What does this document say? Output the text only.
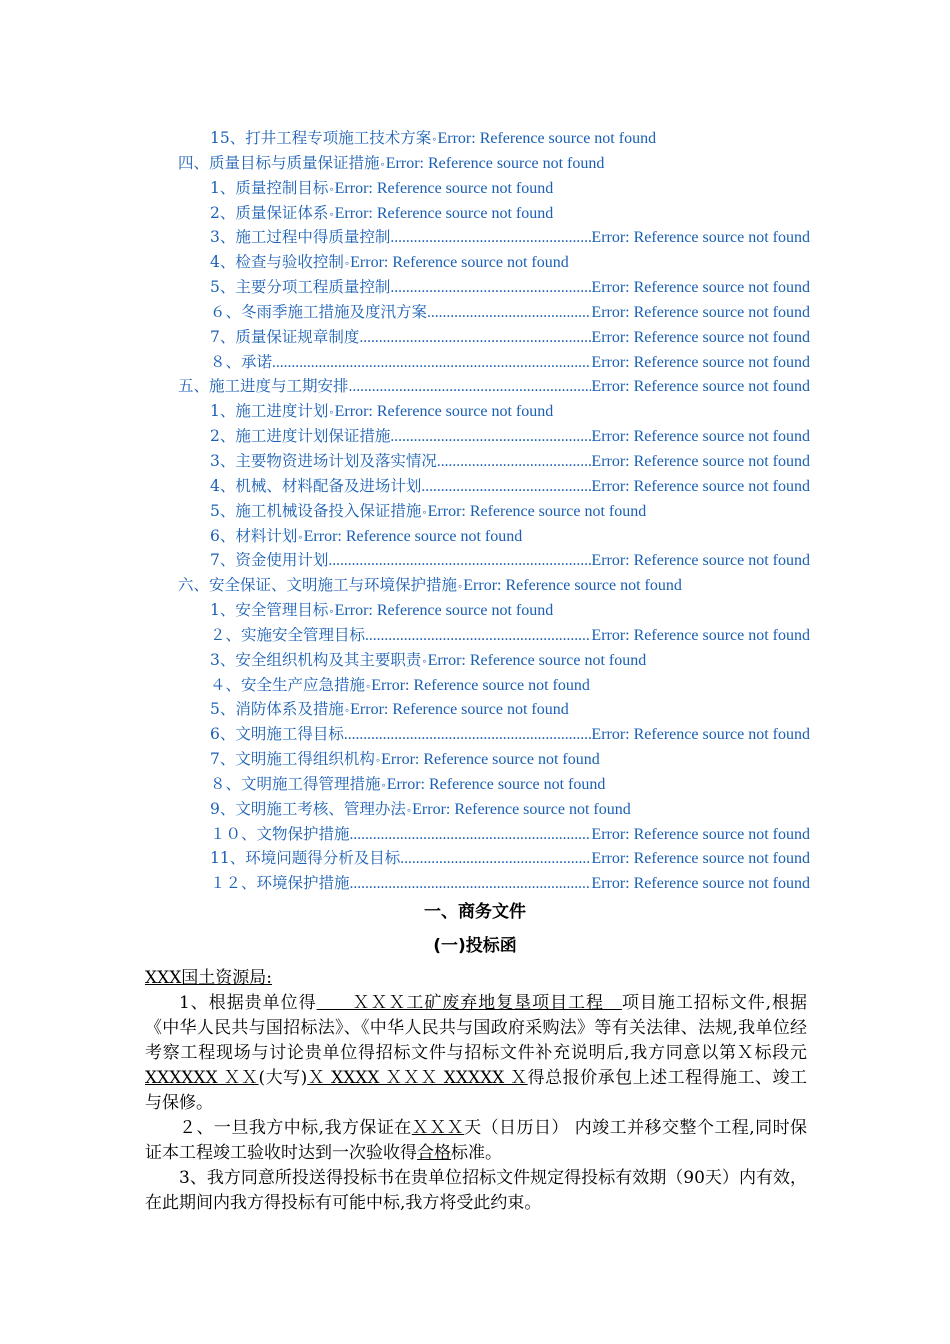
15、打井工程专项施工技术方案 ◦ Error: Reference source not found
四、质量目标与质量保证措施 ◦ Error: Reference source not found
1、质量控制目标 ◦ Error: Reference source not found
2、质量保证体系 ◦ Error: Reference source not found
3、施工过程中得质量控制 .....	Error: Reference source not found
4、检查与验收控制 ◦ Error: Reference source not found
5、主要分项工程质量控制 .....	Error: Reference source not found
６、冬雨季施工措施及度汛方案 .....	Error: Reference source not found
7、质量保证规章制度 .....	Error: Reference source not found
８、承诺 .....	Error: Reference source not found
五、施工进度与工期安排 .....	Error: Reference source not found
1、施工进度计划 ◦ Error: Reference source not found
2、施工进度计划保证措施 .....	Error: Reference source not found
3、主要物资进场计划及落实情况 .....	Error: Reference source not found
4、机械、材料配备及进场计划 .....	Error: Reference source not found
5、施工机械设备投入保证措施 ◦ Error: Reference source not found
6、材料计划 ◦ Error: Reference source not found
7、资金使用计划 .....	Error: Reference source not found
六、安全保证、文明施工与环境保护措施 ◦ Error: Reference source not found
1、安全管理目标 ◦ Error: Reference source not found
２、实施安全管理目标 .....	Error: Reference source not found
3、安全组织机构及其主要职责 ◦ Error: Reference source not found
４、安全生产应急措施 ◦ Error: Reference source not found
5、消防体系及措施 ◦ Error: Reference source not found
6、文明施工得目标 .....	Error: Reference source not found
7、文明施工得组织机构 ◦ Error: Reference source not found
８、文明施工得管理措施 ◦ Error: Reference source not found
9、文明施工考核、管理办法 ◦ Error: Reference source not found
１０、文物保护措施 .....	Error: Reference source not found
11、环境问题得分析及目标 .....	Error: Reference source not found
１２、环境保护措施 .....	Error: Reference source not found
一、商务文件
(一)投标函

XXX国土资源局:

1、根据贵单位得　　ＸＸＸ工矿废弃地复垦项目工程　项目施工招标文件,根据《中华人民共与国招标法》、《中华人民共与国政府采购法》等有关法律、法规,我单位经考察工程现场与讨论贵单位得招标文件与招标文件补充说明后,我方同意以第Ｘ标段元XXXXXX ＸＸ(大写)Ｘ XXXX ＸＸＸ XXXXX Ｘ得总报价承包上述工程得施工、竣工与保修。

２、一旦我方中标,我方保证在ＸＸＸ天（日历日） 内竣工并移交整个工程,同时保证本工程竣工验收时达到一次验收得合格标准。

3、我方同意所投送得投标书在贵单位招标文件规定得投标有效期（90天）内有效，在此期间内我方得投标有可能中标,我方将受此约束。
